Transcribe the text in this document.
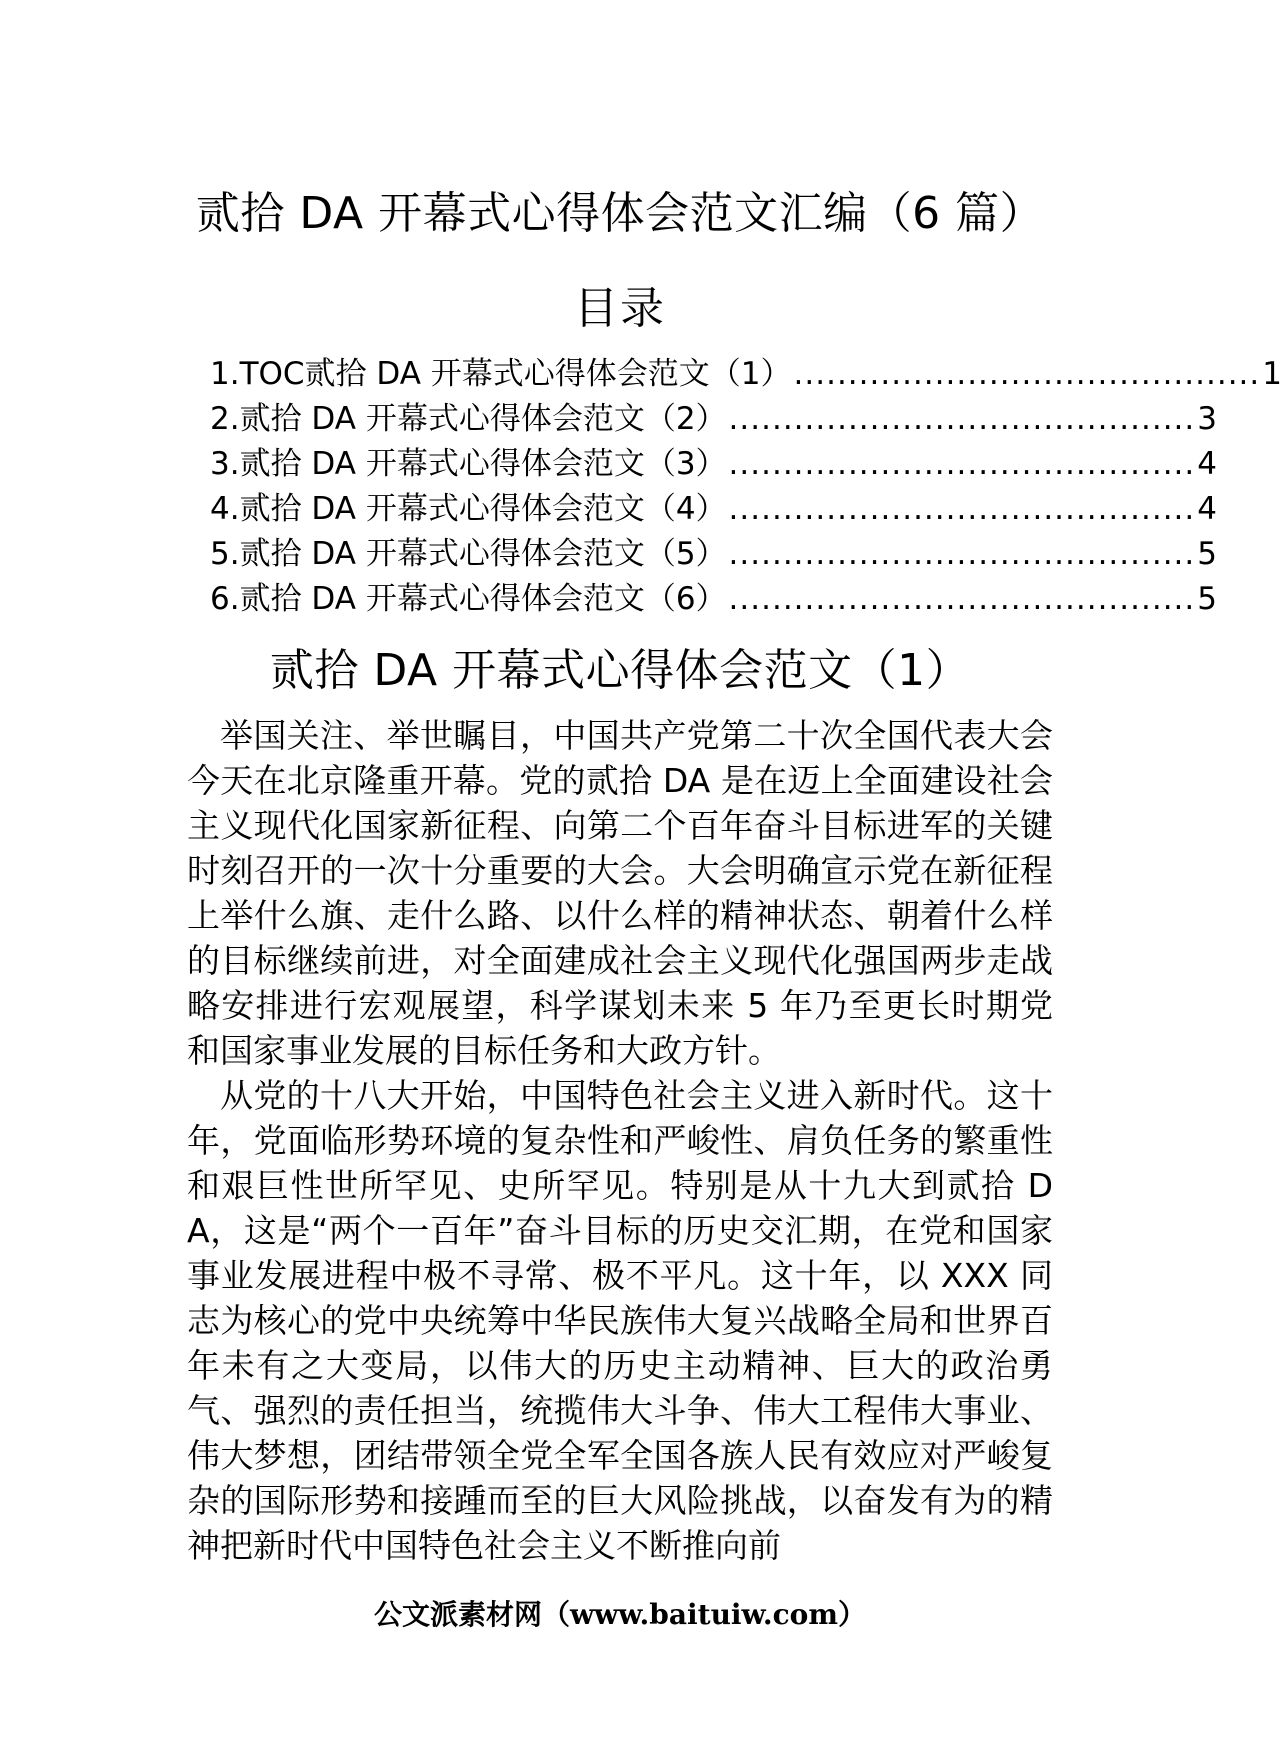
贰拾 DA 开幕式心得体会范文汇编（6 篇）
目录
1.TOC贰拾 DA 开幕式心得体会范文（1） ........................................... 1
2.贰拾 DA 开幕式心得体会范文（2） ........................................... 3
3.贰拾 DA 开幕式心得体会范文（3） ........................................... 4
4.贰拾 DA 开幕式心得体会范文（4） ........................................... 4
5.贰拾 DA 开幕式心得体会范文（5） ........................................... 5
6.贰拾 DA 开幕式心得体会范文（6） ........................................... 5
贰拾 DA 开幕式心得体会范文（1）

举国关注、举世瞩目，中国共产党第二十次全国代表大会今天在北京隆重开幕。党的贰拾 DA 是在迈上全面建设社会主义现代化国家新征程、向第二个百年奋斗目标进军的关键时刻召开的一次十分重要的大会。大会明确宣示党在新征程上举什么旗、走什么路、以什么样的精神状态、朝着什么样的目标继续前进，对全面建成社会主义现代化强国两步走战略安排进行宏观展望，科学谋划未来 5 年乃至更长时期党和国家事业发展的目标任务和大政方针。

从党的十八大开始，中国特色社会主义进入新时代。这十年，党面临形势环境的复杂性和严峻性、肩负任务的繁重性和艰巨性世所罕见、史所罕见。特别是从十九大到贰拾 DA，这是“两个一百年”奋斗目标的历史交汇期，在党和国家事业发展进程中极不寻常、极不平凡。这十年，以 XXX 同志为核心的党中央统筹中华民族伟大复兴战略全局和世界百年未有之大变局，以伟大的历史主动精神、巨大的政治勇气、强烈的责任担当，统揽伟大斗争、伟大工程伟大事业、伟大梦想，团结带领全党全军全国各族人民有效应对严峻复杂的国际形势和接踵而至的巨大风险挑战，以奋发有为的精神把新时代中国特色社会主义不断推向前

公文派素材网（www.baituiw.com）
